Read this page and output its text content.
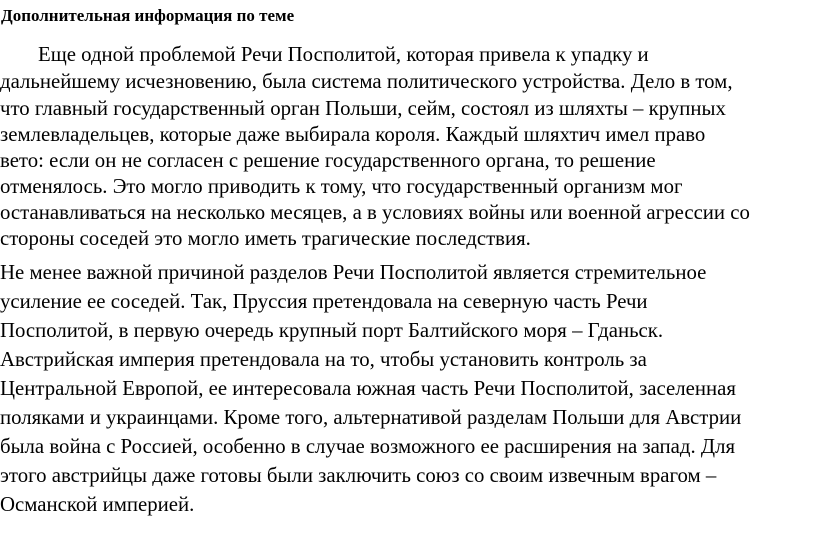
Дополнительная информация по теме

Еще одной проблемой Речи Посполитой, которая привела к упадку и

дальнейшему исчезновению, была система политического устройства. Дело в том,

что главный государственный орган Польши, сейм, состоял из шляхты – крупных

землевладельцев, которые даже выбирала короля. Каждый шляхтич имел право

вето: если он не согласен с решение государственного органа, то решение

отменялось. Это могло приводить к тому, что государственный организм мог

останавливаться на несколько месяцев, а в условиях войны или военной агрессии со

стороны соседей это могло иметь трагические последствия.

Не менее важной причиной разделов Речи Посполитой является стремительное

усиление ее соседей. Так, Пруссия претендовала на северную часть Речи

Посполитой, в первую очередь крупный порт Балтийского моря – Гданьск.

Австрийская империя претендовала на то, чтобы установить контроль за

Центральной Европой, ее интересовала южная часть Речи Посполитой, заселенная

поляками и украинцами. Кроме того, альтернативой разделам Польши для Австрии

была война с Россией, особенно в случае возможного ее расширения на запад. Для

этого австрийцы даже готовы были заключить союз со своим извечным врагом –

Османской империей.
